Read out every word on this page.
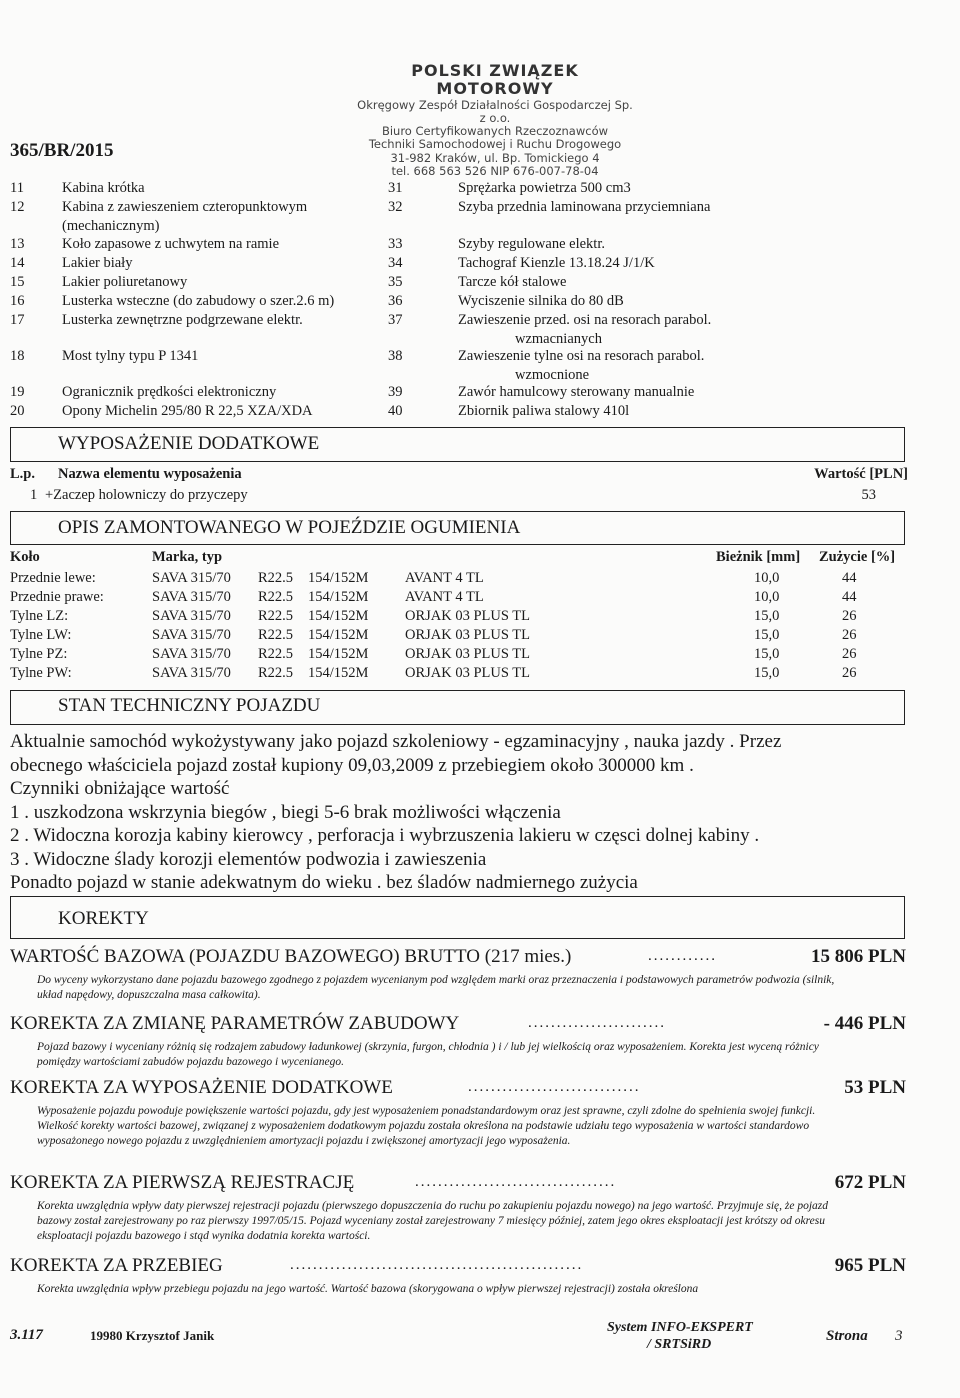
POLSKI ZWIĄZEK MOTOROWY
Okręgowy Zespół Działalności Gospodarczej Sp. z o.o.
Biuro Certyfikowanych Rzeczoznawców
Techniki Samochodowej i Ruchu Drogowego
31-982 Kraków, ul. Bp. Tomickiego 4
tel. 668 563 526 NIP 676-007-78-04
365/BR/2015
11	Kabina krótka
12	Kabina z zawieszeniem czteropunktowym
(mechanicznym)
13	Koło zapasowe z uchwytem na ramie
14	Lakier biały
15	Lakier poliuretanowy
16	Lusterka wsteczne (do zabudowy o szer.2.6 m)
17	Lusterka zewnętrzne podgrzewane elektr.
18	Most tylny typu P 1341
19	Ogranicznik prędkości elektroniczny
20	Opony Michelin 295/80 R 22,5 XZA/XDA
31	Sprężarka powietrza 500 cm3
32	Szyba przednia laminowana przyciemniana
33	Szyby regulowane elektr.
34	Tachograf Kienzle 13.18.24 J/1/K
35	Tarcze kół stalowe
36	Wyciszenie silnika do 80 dB
37	Zawieszenie przed. osi na resorach parabol.
wzmacnianych
38	Zawieszenie tylne osi na resorach parabol.
wzmocnione
39	Zawór hamulcowy sterowany manualnie
40	Zbiornik paliwa stalowy 410l
WYPOSAŻENIE DODATKOWE
L.p. Nazwa elementu wyposażenia	Wartość [PLN]
1 +Zaczep holowniczy do przyczepy	53
OPIS ZAMONTOWANEGO W POJEŹDZIE OGUMIENIA
Koło	Marka, typ	Bieżnik [mm] Zużycie [%]
Przednie lewe:	SAVA 315/70 R22.5 154/152M	AVANT 4 TL	10,0	44
Przednie prawe:	SAVA 315/70 R22.5 154/152M	AVANT 4 TL	10,0	44
Tylne LZ:	SAVA 315/70 R22.5 154/152M	ORJAK 03 PLUS TL	15,0	26
Tylne LW:	SAVA 315/70 R22.5 154/152M	ORJAK 03 PLUS TL	15,0	26
Tylne PZ:	SAVA 315/70 R22.5 154/152M	ORJAK 03 PLUS TL	15,0	26
Tylne PW:	SAVA 315/70 R22.5 154/152M	ORJAK 03 PLUS TL	15,0	26
STAN TECHNICZNY POJAZDU
Aktualnie samochód wykożystywany jako pojazd szkoleniowy - egzaminacyjny , nauka jazdy . Przez
obecnego właściciela pojazd został kupiony 09,03,2009 z przebiegiem około 300000 km .
Czynniki obniżające wartość
1 . uszkodzona wskrzynia biegów , biegi 5-6 brak możliwości włączenia
2 . Widoczna korozja kabiny kierowcy , perforacja i wybrzuszenia lakieru w częsci dolnej kabiny .
3 . Widoczne ślady korozji elementów podwozia i zawieszenia
Ponadto pojazd w stanie adekwatnym do wieku . bez śladów nadmiernego zużycia
KOREKTY
WARTOŚĆ BAZOWA (POJAZDU BAZOWEGO) BRUTTO (217 mies.)	............	15 806 PLN
Do wyceny wykorzystano dane pojazdu bazowego zgodnego z pojazdem wycenianym pod względem marki oraz przeznaczenia i podstawowych parametrów podwozia (silnik, układ napędowy, dopuszczalna masa całkowita).
KOREKTA ZA ZMIANĘ PARAMETRÓW ZABUDOWY	........................	- 446 PLN
Pojazd bazowy i wyceniany różnią się rodzajem zabudowy ładunkowej (skrzynia, furgon, chłodnia ) i / lub jej wielkością oraz wyposażeniem. Korekta jest wyceną różnicy pomiędzy wartościami zabudów pojazdu bazowego i wycenianego.
KOREKTA ZA WYPOSAŻENIE DODATKOWE	..............................	53 PLN
Wyposażenie pojazdu powoduje powiększenie wartości pojazdu, gdy jest wyposażeniem ponadstandardowym oraz jest sprawne, czyli zdolne do spełnienia swojej funkcji. Wielkość korekty wartości bazowej, związanej z wyposażeniem dodatkowym pojazdu została określona na podstawie udziału tego wyposażenia w wartości standardowo wyposażonego nowego pojazdu z uwzględnieniem amortyzacji pojazdu i zwiększonej amortyzacji jego wyposażenia.
KOREKTA ZA PIERWSZĄ REJESTRACJĘ	...................................	672 PLN
Korekta uwzględnia wpływ daty pierwszej rejestracji pojazdu (pierwszego dopuszczenia do ruchu po zakupieniu pojazdu nowego) na jego wartość. Przyjmuje się, że pojazd bazowy został zarejestrowany po raz pierwszy 1997/05/15. Pojazd wyceniany został zarejestrowany 7 miesięcy później, zatem jego okres eksploatacji jest krótszy od okresu eksploatacji pojazdu bazowego i stąd wynika dodatnia korekta wartości.
KOREKTA ZA PRZEBIEG	...................................................	965 PLN
Korekta uwzględnia wpływ przebiegu pojazdu na jego wartość. Wartość bazowa (skorygowana o wpływ pierwszej rejestracji) została określona
3.117	19980 Krzysztof Janik
System INFO-EKSPERT
/ SRTSiRD
Strona 3
